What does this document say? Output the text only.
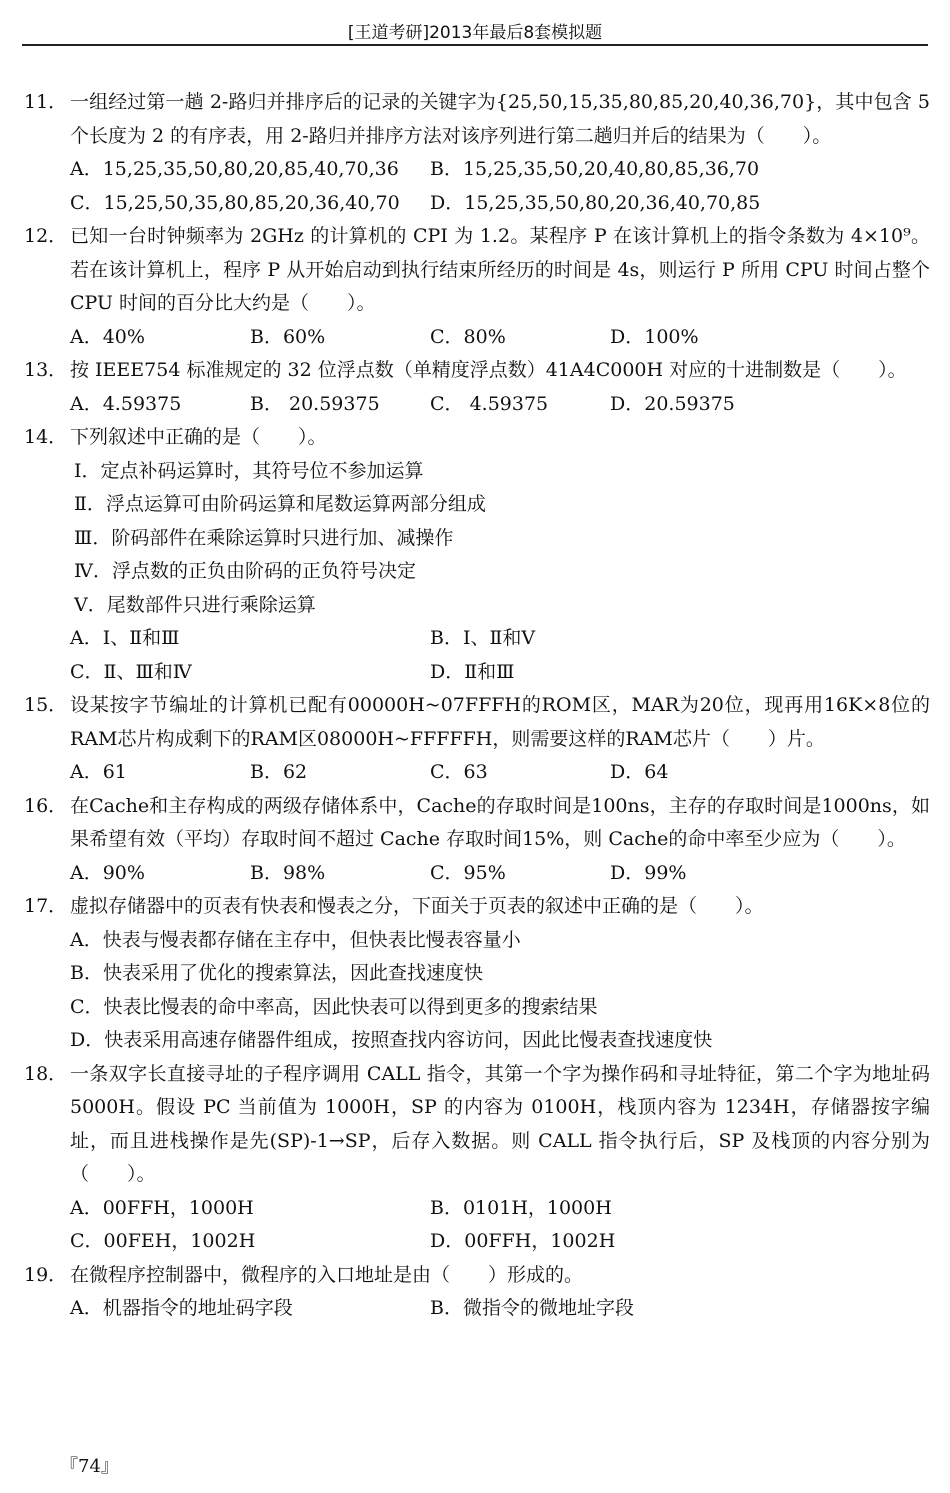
[王道考研]2013年最后8套模拟题
11． 一组经过第一趟 2-路归并排序后的记录的关键字为{25,50,15,35,80,85,20,40,36,70}，其中包含 5 个长度为 2 的有序表，用 2-路归并排序方法对该序列进行第二趟归并后的结果为（　　）。
A．15,25,35,50,80,20,85,40,70,36	B．15,25,35,50,20,40,80,85,36,70
C．15,25,50,35,80,85,20,36,40,70	D．15,25,35,50,80,20,36,40,70,85
12． 已知一台时钟频率为 2GHz 的计算机的 CPI 为 1.2。某程序 P 在该计算机上的指令条数为 4×10⁹。若在该计算机上，程序 P 从开始启动到执行结束所经历的时间是 4s，则运行 P 所用 CPU 时间占整个 CPU 时间的百分比大约是（　　）。
A．40%	B．60%	C．80%	D．100%
13． 按 IEEE754 标准规定的 32 位浮点数（单精度浮点数）41A4C000H 对应的十进制数是（　　）。
A．4.59375	B． 20.59375	C． 4.59375	D．20.59375
14． 下列叙述中正确的是（　　）。
Ⅰ．定点补码运算时，其符号位不参加运算
Ⅱ．浮点运算可由阶码运算和尾数运算两部分组成
Ⅲ．阶码部件在乘除运算时只进行加、减操作
Ⅳ．浮点数的正负由阶码的正负符号决定
Ⅴ．尾数部件只进行乘除运算
A．Ⅰ、Ⅱ和Ⅲ	B．Ⅰ、Ⅱ和Ⅴ
C．Ⅱ、Ⅲ和Ⅳ	D．Ⅱ和Ⅲ
15． 设某按字节编址的计算机已配有00000H~07FFFH的ROM区，MAR为20位，现再用16K×8位的RAM芯片构成剩下的RAM区08000H~FFFFFH，则需要这样的RAM芯片（　　）片。
A．61	B．62	C．63	D．64
16． 在Cache和主存构成的两级存储体系中，Cache的存取时间是100ns，主存的存取时间是1000ns，如果希望有效（平均）存取时间不超过 Cache 存取时间15%，则 Cache的命中率至少应为（　　）。
A．90%	B．98%	C．95%	D．99%
17． 虚拟存储器中的页表有快表和慢表之分，下面关于页表的叙述中正确的是（　　）。
A．快表与慢表都存储在主存中，但快表比慢表容量小
B．快表采用了优化的搜索算法，因此查找速度快
C．快表比慢表的命中率高，因此快表可以得到更多的搜索结果
D．快表采用高速存储器件组成，按照查找内容访问，因此比慢表查找速度快
18． 一条双字长直接寻址的子程序调用 CALL 指令，其第一个字为操作码和寻址特征，第二个字为地址码 5000H。假设 PC 当前值为 1000H，SP 的内容为 0100H，栈顶内容为 1234H，存储器按字编址，而且进栈操作是先(SP)-1→SP，后存入数据。则 CALL 指令执行后，SP 及栈顶的内容分别为（　　）。
A．00FFH，1000H	B．0101H，1000H
C．00FEH，1002H	D．00FFH，1002H
19． 在微程序控制器中，微程序的入口地址是由（　　）形成的。
A．机器指令的地址码字段	B．微指令的微地址字段
『74』
